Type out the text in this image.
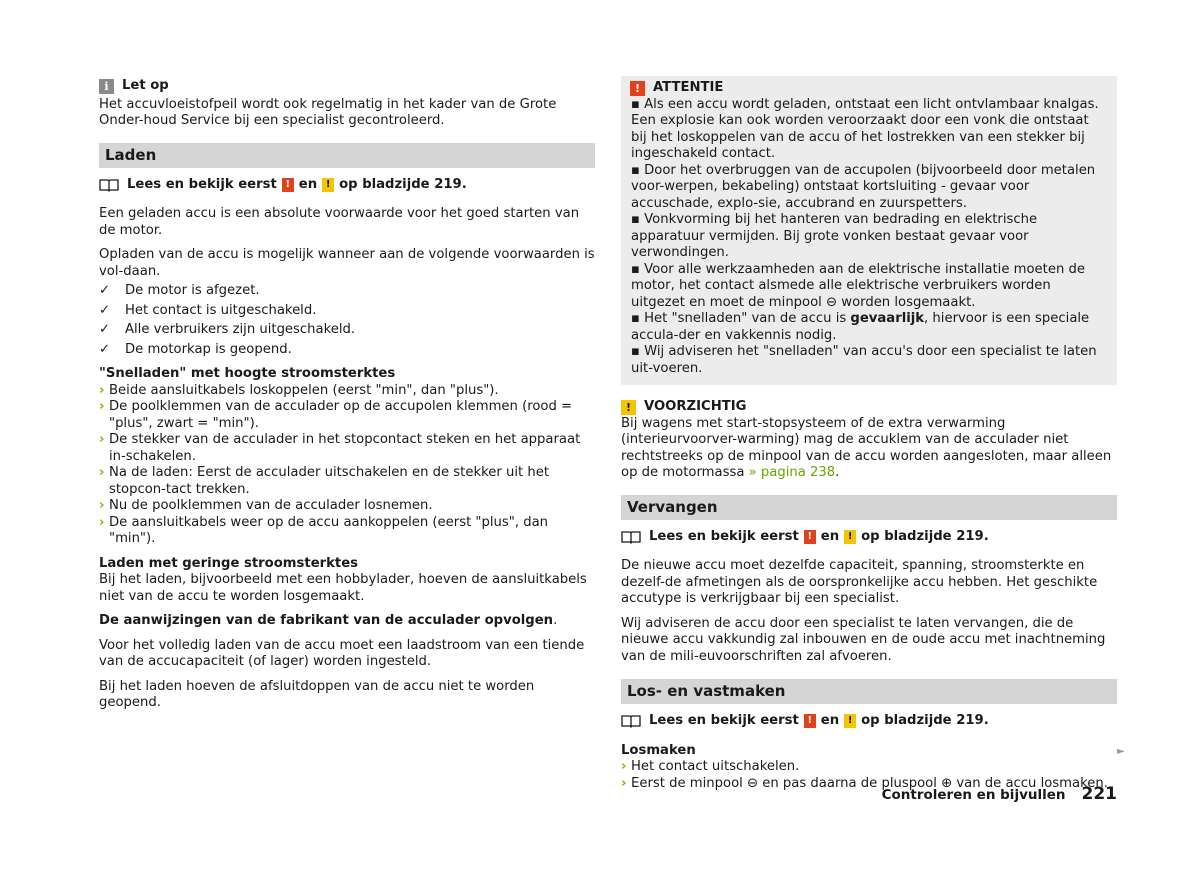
i	Let op

Het accuvloeistofpeil wordt ook regelmatig in het kader van de Grote Onder-houd Service bij een specialist gecontroleerd.

Laden
Lees en bekijk eerst ! en ! op bladzijde 219.

Een geladen accu is een absolute voorwaarde voor het goed starten van de motor.

Opladen van de accu is mogelijk wanneer aan de volgende voorwaarden is vol-daan.

✓	De motor is afgezet.
✓	Het contact is uitgeschakeld.
✓	Alle verbruikers zijn uitgeschakeld.
✓	De motorkap is geopend.

"Snelladen" met hoogte stroomsterktes

› Beide aansluitkabels loskoppelen (eerst "min", dan "plus").
› De poolklemmen van de acculader op de accupolen klemmen (rood = "plus", zwart = "min").
› De stekker van de acculader in het stopcontact steken en het apparaat in-schakelen.
› Na de laden: Eerst de acculader uitschakelen en de stekker uit het stopcon-tact trekken.
› Nu de poolklemmen van de acculader losnemen.
› De aansluitkabels weer op de accu aankoppelen (eerst "plus", dan "min").

Laden met geringe stroomsterktes

Bij het laden, bijvoorbeeld met een hobbylader, hoeven de aansluitkabels niet van de accu te worden losgemaakt.

De aanwijzingen van de fabrikant van de acculader opvolgen.

Voor het volledig laden van de accu moet een laadstroom van een tiende van de accucapaciteit (of lager) worden ingesteld.

Bij het laden hoeven de afsluitdoppen van de accu niet te worden geopend.

! ATTENTIE
▪ Als een accu wordt geladen, ontstaat een licht ontvlambaar knalgas. Een explosie kan ook worden veroorzaakt door een vonk die ontstaat bij het loskoppelen van de accu of het lostrekken van een stekker bij ingeschakeld contact.
▪ Door het overbruggen van de accupolen (bijvoorbeeld door metalen voor-werpen, bekabeling) ontstaat kortsluiting - gevaar voor accuschade, explo-sie, accubrand en zuurspetters.
▪ Vonkvorming bij het hanteren van bedrading en elektrische apparatuur vermijden. Bij grote vonken bestaat gevaar voor verwondingen.
▪ Voor alle werkzaamheden aan de elektrische installatie moeten de motor, het contact alsmede alle elektrische verbruikers worden uitgezet en moet de minpool ⊖ worden losgemaakt.
▪ Het "snelladen" van de accu is gevaarlijk, hiervoor is een speciale accula-der en vakkennis nodig.
▪ Wij adviseren het "snelladen" van accu's door een specialist te laten uit-voeren.
! VOORZICHTIG

Bij wagens met start-stopsysteem of de extra verwarming (interieurvoorver-warming) mag de accuklem van de acculader niet rechtstreeks op de minpool van de accu worden aangesloten, maar alleen op de motormassa » pagina 238.

Vervangen
Lees en bekijk eerst ! en ! op bladzijde 219.

De nieuwe accu moet dezelfde capaciteit, spanning, stroomsterkte en dezelf-de afmetingen als de oorspronkelijke accu hebben. Het geschikte accutype is verkrijgbaar bij een specialist.

Wij adviseren de accu door een specialist te laten vervangen, die de nieuwe accu vakkundig zal inbouwen en de oude accu met inachtneming van de mili-euvoorschriften zal afvoeren.

Los- en vastmaken
Lees en bekijk eerst ! en ! op bladzijde 219.

Losmaken

› Het contact uitschakelen.
› Eerst de minpool ⊖ en pas daarna de pluspool ⊕ van de accu losmaken.
►
Controleren en bijvullen 221
